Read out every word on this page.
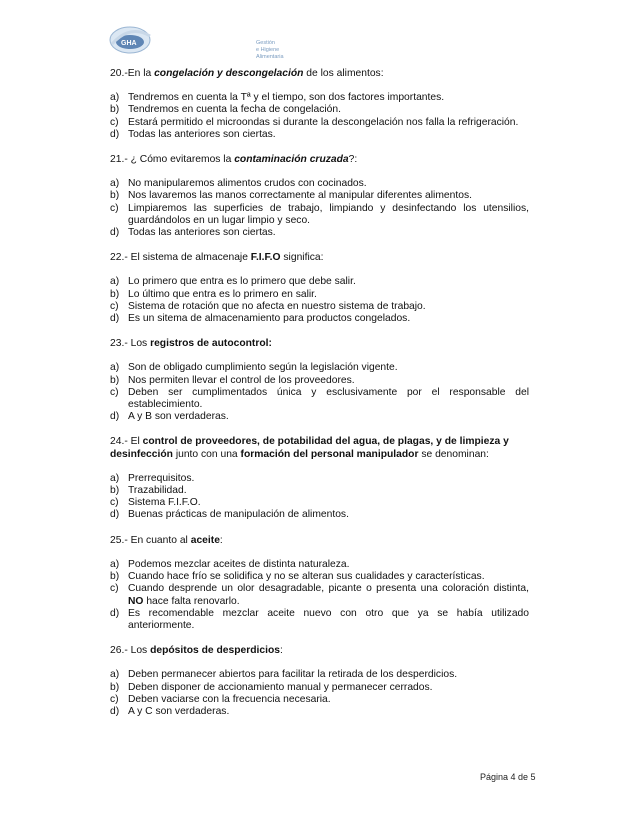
GHA	Gestión
e Higiene
Alimentaria

20.-En la congelación y descongelación de los alimentos:

a) Tendremos en cuenta la Tª y el tiempo, son dos factores importantes.
b) Tendremos en cuenta la fecha de congelación.
c) Estará permitido el microondas si durante la descongelación nos falla la refrigeración.
d) Todas las anteriores son ciertas.

21.- ¿ Cómo evitaremos la contaminación cruzada?:

a) No manipularemos alimentos crudos con cocinados.
b) Nos lavaremos las manos correctamente al manipular diferentes alimentos.
c) Limpiaremos las superficies de trabajo, limpiando y desinfectando los utensilios, guardándolos en un lugar limpio y seco.
d) Todas las anteriores son ciertas.

22.- El sistema de almacenaje F.I.F.O significa:

a) Lo primero que entra es lo primero que debe salir.
b) Lo último que entra es lo primero en salir.
c) Sistema de rotación que no afecta en nuestro sistema de trabajo.
d) Es un sitema de almacenamiento para productos congelados.

23.- Los registros de autocontrol:

a) Son de obligado cumplimiento según la legislación vigente.
b) Nos permiten llevar el control de los proveedores.
c) Deben ser cumplimentados única y esclusivamente por el responsable del establecimiento.
d) A y B son verdaderas.

24.- El control de proveedores, de potabilidad del agua, de plagas, y de limpieza y desinfección junto con una formación del personal manipulador se denominan:

a) Prerrequisitos.
b) Trazabilidad.
c) Sistema F.I.F.O.
d) Buenas prácticas de manipulación de alimentos.

25.- En cuanto al aceite:

a) Podemos mezclar aceites de distinta naturaleza.
b) Cuando hace frío se solidifica y no se alteran sus cualidades y características.
c) Cuando desprende un olor desagradable, picante o presenta una coloración distinta, NO hace falta renovarlo.
d) Es recomendable mezclar aceite nuevo con otro que ya se había utilizado anteriormente.

26.- Los depósitos de desperdicios:

a) Deben permanecer abiertos para facilitar la retirada de los desperdicios.
b) Deben disponer de accionamiento manual y permanecer cerrados.
c) Deben vaciarse con la frecuencia necesaria.
d) A y C son verdaderas.
Página 4 de 5
